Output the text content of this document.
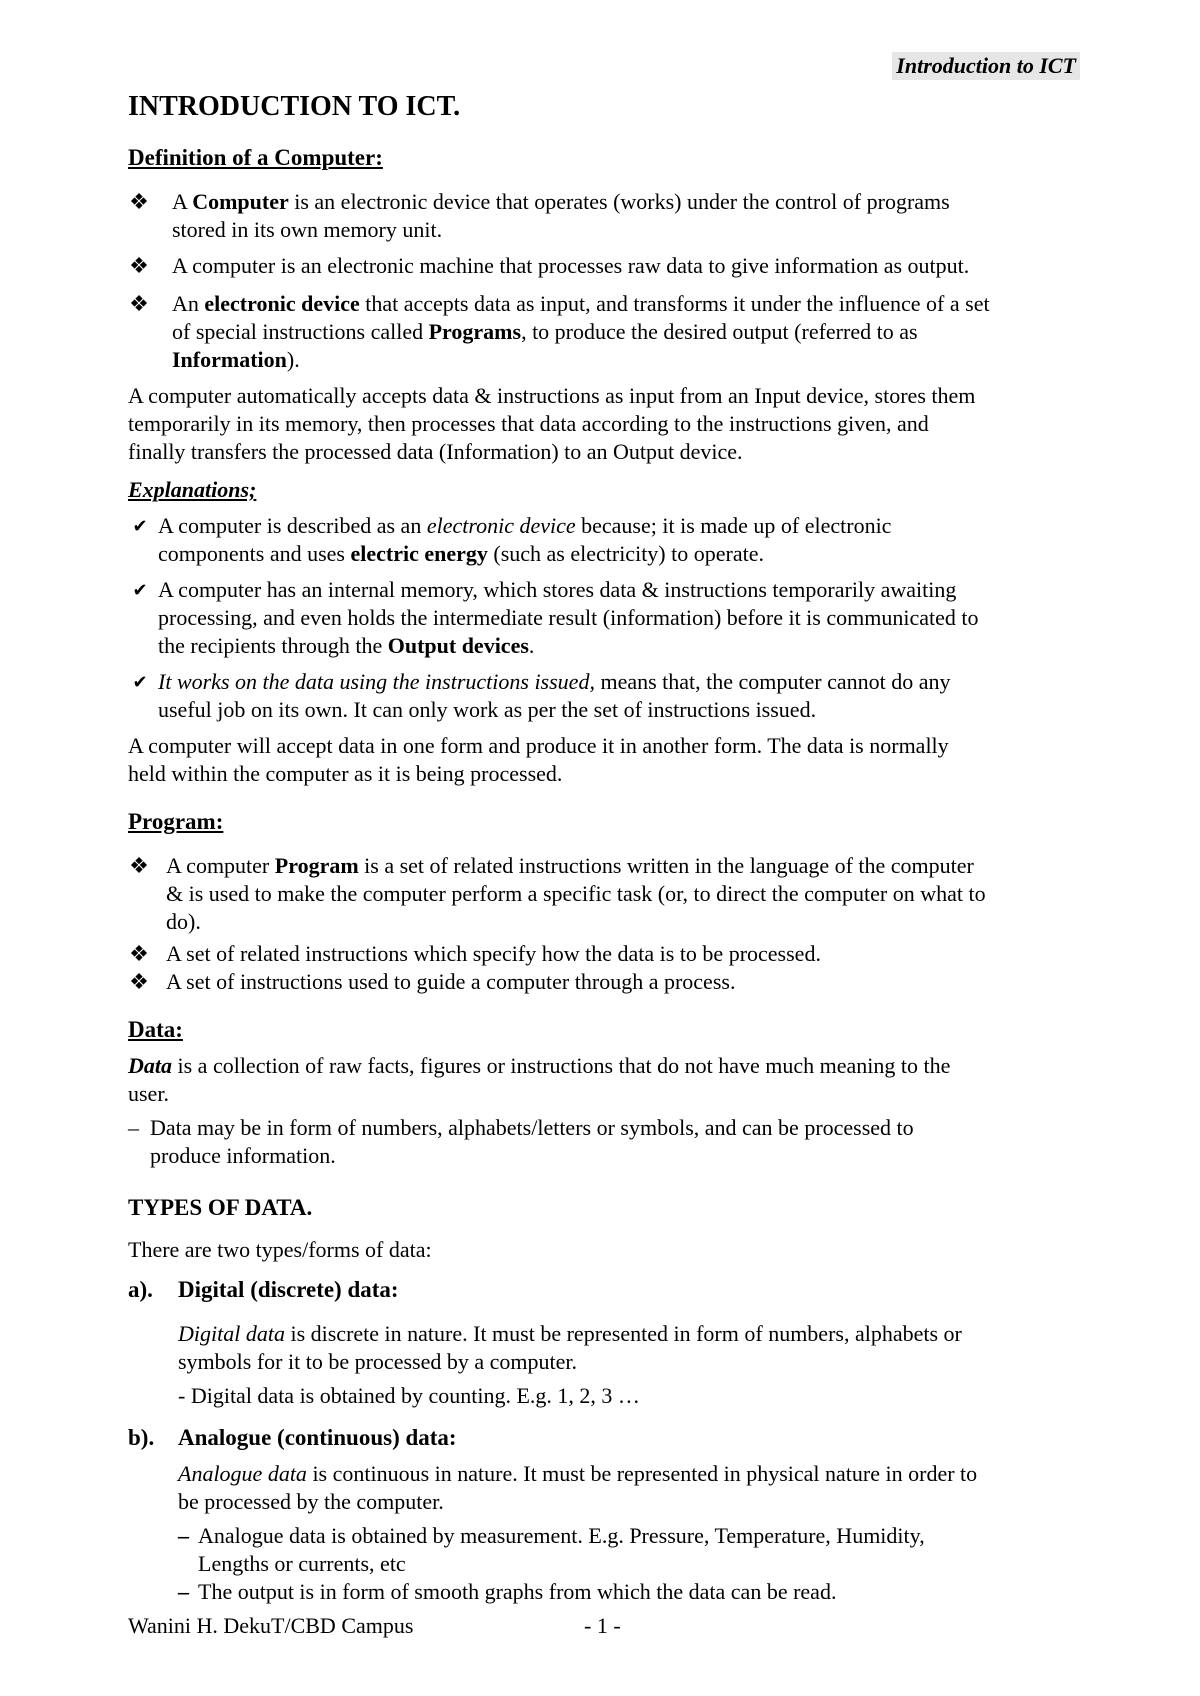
Introduction to ICT
INTRODUCTION TO ICT.
Definition of a Computer:
❖ A Computer is an electronic device that operates (works) under the control of programs
stored in its own memory unit.
❖ A computer is an electronic machine that processes raw data to give information as output.
❖ An electronic device that accepts data as input, and transforms it under the influence of a set
of special instructions called Programs, to produce the desired output (referred to as
Information).
A computer automatically accepts data & instructions as input from an Input device, stores them
temporarily in its memory, then processes that data according to the instructions given, and
finally transfers the processed data (Information) to an Output device.
Explanations;
✔ A computer is described as an electronic device because; it is made up of electronic
components and uses electric energy (such as electricity) to operate.
✔ A computer has an internal memory, which stores data & instructions temporarily awaiting
processing, and even holds the intermediate result (information) before it is communicated to
the recipients through the Output devices.
✔ It works on the data using the instructions issued, means that, the computer cannot do any
useful job on its own. It can only work as per the set of instructions issued.
A computer will accept data in one form and produce it in another form. The data is normally
held within the computer as it is being processed.
Program:
❖ A computer Program is a set of related instructions written in the language of the computer
& is used to make the computer perform a specific task (or, to direct the computer on what to
do).
❖ A set of related instructions which specify how the data is to be processed.
❖ A set of instructions used to guide a computer through a process.
Data:
Data is a collection of raw facts, figures or instructions that do not have much meaning to the
user.
– Data may be in form of numbers, alphabets/letters or symbols, and can be processed to
produce information.
TYPES OF DATA.
There are two types/forms of data:
a). Digital (discrete) data:
Digital data is discrete in nature. It must be represented in form of numbers, alphabets or
symbols for it to be processed by a computer.
- Digital data is obtained by counting. E.g. 1, 2, 3 …
b). Analogue (continuous) data:
Analogue data is continuous in nature. It must be represented in physical nature in order to
be processed by the computer.
– Analogue data is obtained by measurement. E.g. Pressure, Temperature, Humidity,
Lengths or currents, etc
– The output is in form of smooth graphs from which the data can be read.
Wanini H. DekuT/CBD Campus	- 1 -
